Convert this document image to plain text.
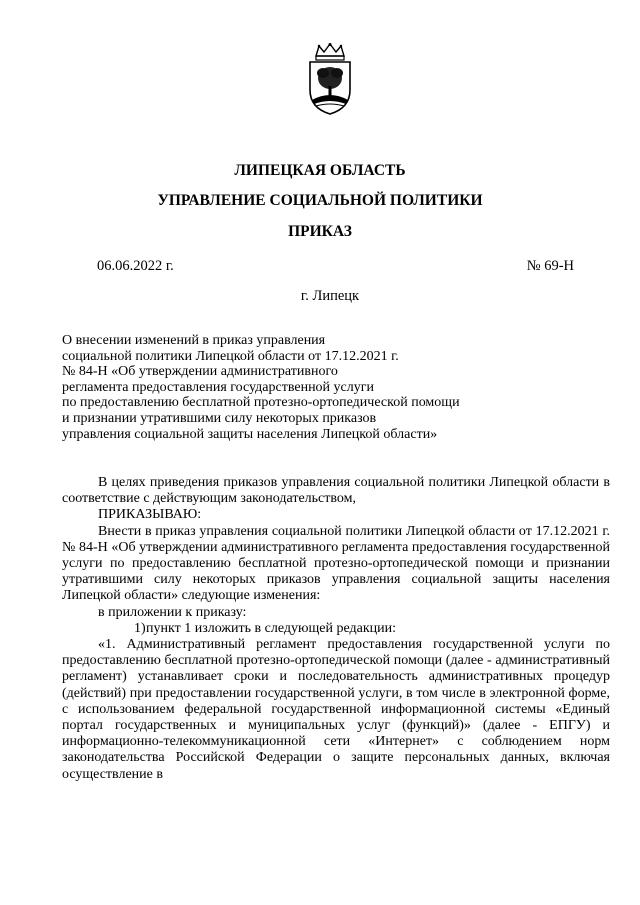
ЛИПЕЦКАЯ ОБЛАСТЬ
УПРАВЛЕНИЕ СОЦИАЛЬНОЙ ПОЛИТИКИ
ПРИКАЗ
06.06.2022 г.	№ 69-Н
г. Липецк
О внесении изменений в приказ управления
социальной политики Липецкой области от 17.12.2021 г.
№ 84-Н «Об утверждении административного
регламента предоставления государственной услуги
по предоставлению бесплатной протезно-ортопедической помощи
и признании утратившими силу некоторых приказов
управления социальной защиты населения Липецкой области»

В целях приведения приказов управления социальной политики Липецкой области в соответствие с действующим законодательством,

ПРИКАЗЫВАЮ:

Внести в приказ управления социальной политики Липецкой области от 17.12.2021 г. № 84-Н «Об утверждении административного регламента предоставления государственной услуги по предоставлению бесплатной протезно-ортопедической помощи и признании утратившими силу некоторых приказов управления социальной защиты населения Липецкой области» следующие изменения:

в приложении к приказу:

1)пункт 1 изложить в следующей редакции:

«1. Административный регламент предоставления государственной услуги по предоставлению бесплатной протезно-ортопедической помощи (далее - административный регламент) устанавливает сроки и последовательность административных процедур (действий) при предоставлении государственной услуги, в том числе в электронной форме, с использованием федеральной государственной информационной системы «Единый портал государственных и муниципальных услуг (функций)» (далее - ЕПГУ) и информационно-телекоммуникационной сети «Интернет» с соблюдением норм законодательства Российской Федерации о защите персональных данных, включая осуществление в
